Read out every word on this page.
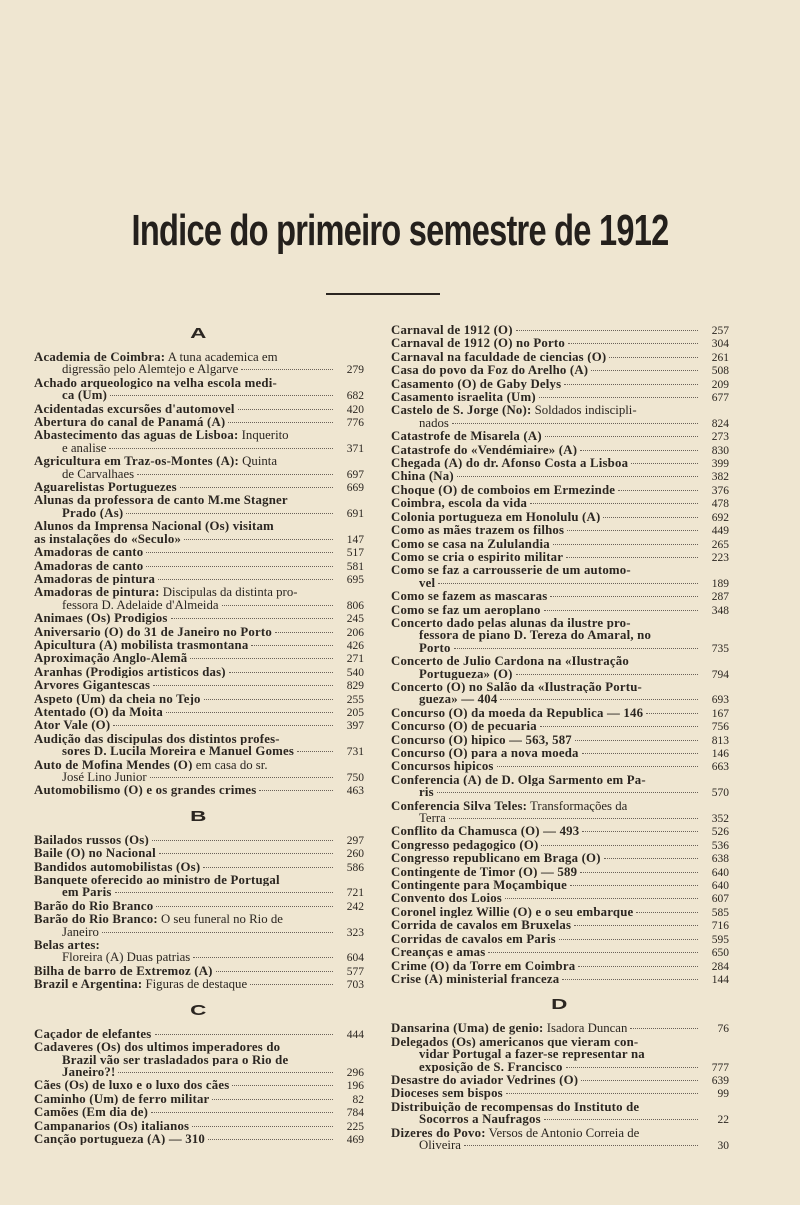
Indice do primeiro semestre de 1912
A
Academia de Coimbra: A tuna academica em
digressão pelo Alemtejo e Algarve	279
Achado arqueologico na velha escola medi-
ca (Um)	682
Acidentadas excursões d'automovel	420
Abertura do canal de Panamá (A)	776
Abastecimento das aguas de Lisboa: Inquerito
e analise	371
Agricultura em Traz-os-Montes (A): Quinta
de Carvalhaes	697
Aguarelistas Portuguezes	669
Alunas da professora de canto M.me Stagner
Prado (As)	691
Alunos da Imprensa Nacional (Os) visitam
as instalações do «Seculo»	147
Amadoras de canto	517
Amadoras de canto	581
Amadoras de pintura	695
Amadoras de pintura: Discipulas da distinta pro-
fessora D. Adelaide d'Almeida	806
Animaes (Os) Prodigios	245
Aniversario (O) do 31 de Janeiro no Porto	206
Apicultura (A) mobilista trasmontana	426
Aproximação Anglo-Alemã	271
Aranhas (Prodigios artisticos das)	540
Arvores Gigantescas	829
Aspeto (Um) da cheia no Tejo	255
Atentado (O) da Moita	205
Ator Vale (O)	397
Audição das discipulas dos distintos profes-
sores D. Lucila Moreira e Manuel Gomes	731
Auto de Mofina Mendes (O) em casa do sr.
José Lino Junior	750
Automobilismo (O) e os grandes crimes	463
B
Bailados russos (Os)	297
Baile (O) no Nacional	260
Bandidos automobilistas (Os)	586
Banquete oferecido ao ministro de Portugal
em Paris	721
Barão do Rio Branco	242
Barão do Rio Branco: O seu funeral no Rio de
Janeiro	323
Belas artes:
Floreira (A) Duas patrias	604
Bilha de barro de Extremoz (A)	577
Brazil e Argentina: Figuras de destaque	703
C
Caçador de elefantes	444
Cadaveres (Os) dos ultimos imperadores do
Brazil vão ser trasladados para o Rio de
Janeiro?!	296
Cães (Os) de luxo e o luxo dos cães	196
Caminho (Um) de ferro militar	82
Camões (Em dia de)	784
Campanarios (Os) italianos	225
Canção portugueza (A) — 310	469
Carnaval de 1912 (O)	257
Carnaval de 1912 (O) no Porto	304
Carnaval na faculdade de ciencias (O)	261
Casa do povo da Foz do Arelho (A)	508
Casamento (O) de Gaby Delys	209
Casamento israelita (Um)	677
Castelo de S. Jorge (No): Soldados indiscipli-
nados	824
Catastrofe de Misarela (A)	273
Catastrofe do «Vendémiaire» (A)	830
Chegada (A) do dr. Afonso Costa a Lisboa	399
China (Na)	382
Choque (O) de comboios em Ermezinde	376
Coimbra, escola da vida	478
Colonia portugueza em Honolulu (A)	692
Como as mães trazem os filhos	449
Como se casa na Zululandia	265
Como se cria o espirito militar	223
Como se faz a carrousserie de um automo-
vel	189
Como se fazem as mascaras	287
Como se faz um aeroplano	348
Concerto dado pelas alunas da ilustre pro-
fessora de piano D. Tereza do Amaral, no
Porto	735
Concerto de Julio Cardona na «Ilustração
Portugueza» (O)	794
Concerto (O) no Salão da «Ilustração Portu-
gueza» — 404	693
Concurso (O) da moeda da Republica — 146	167
Concurso (O) de pecuaria	756
Concurso (O) hipico — 563, 587	813
Concurso (O) para a nova moeda	146
Concursos hipicos	663
Conferencia (A) de D. Olga Sarmento em Pa-
ris	570
Conferencia Silva Teles: Transformações da
Terra	352
Conflito da Chamusca (O) — 493	526
Congresso pedagogico (O)	536
Congresso republicano em Braga (O)	638
Contingente de Timor (O) — 589	640
Contingente para Moçambique	640
Convento dos Loios	607
Coronel inglez Willie (O) e o seu embarque	585
Corrida de cavalos em Bruxelas	716
Corridas de cavalos em Paris	595
Creanças e amas	650
Crime (O) da Torre em Coimbra	284
Crise (A) ministerial franceza	144
D
Dansarina (Uma) de genio: Isadora Duncan	76
Delegados (Os) americanos que vieram con-
vidar Portugal a fazer-se representar na
exposição de S. Francisco	777
Desastre do aviador Vedrines (O)	639
Dioceses sem bispos	99
Distribuição de recompensas do Instituto de
Socorros a Naufragos	22
Dizeres do Povo: Versos de Antonio Correia de
Oliveira	30
